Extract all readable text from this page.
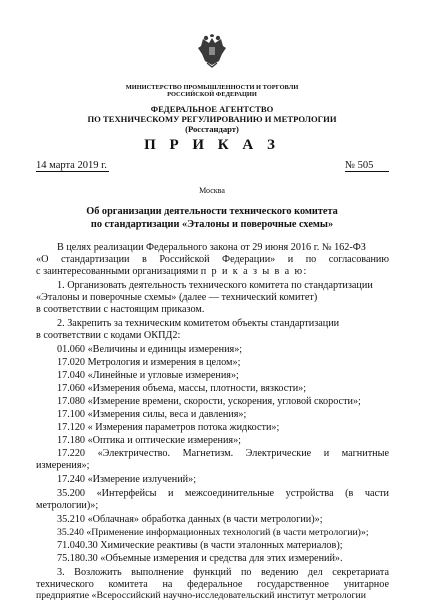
МИНИСТЕРСТВО ПРОМЫШЛЕННОСТИ И ТОРГОВЛИ
РОССИЙСКОЙ ФЕДЕРАЦИИ
ФЕДЕРАЛЬНОЕ АГЕНТСТВО
ПО ТЕХНИЧЕСКОМУ РЕГУЛИРОВАНИЮ И МЕТРОЛОГИИ
(Росстандарт)
П Р И К А З
14 марта 2019 г.	№ 505
Москва
Об организации деятельности технического комитета
по стандартизации «Эталоны и поверочные схемы»
В целях реализации Федерального закона от 29 июня 2016 г. № 162-ФЗ
«О стандартизации в Российской Федерации» и по согласованию
с заинтересованными организациями п р и к а з ы в а ю:
1. Организовать деятельность технического комитета по стандартизации
«Эталоны и поверочные схемы» (далее — технический комитет)
в соответствии с настоящим приказом.
2. Закрепить за техническим комитетом объекты стандартизации
в соответствии с кодами ОКПД2:
01.060 «Величины и единицы измерения»;
17.020 Метрология и измерения в целом»;
17.040 «Линейные и угловые измерения»;
17.060 «Измерения объема, массы, плотности, вязкости»;
17.080 «Измерение времени, скорости, ускорения, угловой скорости»;
17.100 «Измерения силы, веса и давления»;
17.120 « Измерения параметров потока жидкости»;
17.180 «Оптика и оптические измерения»;
17.220 «Электричество. Магнетизм. Электрические и магнитные
измерения»;
17.240 «Измерение излучений»;
35.200 «Интерфейсы и межсоединительные устройства (в части
метрологии)»;
35.210 «Облачная» обработка данных (в части метрологии)»;
35.240 «Применение информационных технологий (в части метрологии)»;
71.040.30 Химические реактивы (в части эталонных материалов);
75.180.30 «Объемные измерения и средства для этих измерений».
3. Возложить выполнение функций по ведению дел секретариата
технического комитета на федеральное государственное унитарное
предприятие «Всероссийский научно-исследовательский институт метрологии
